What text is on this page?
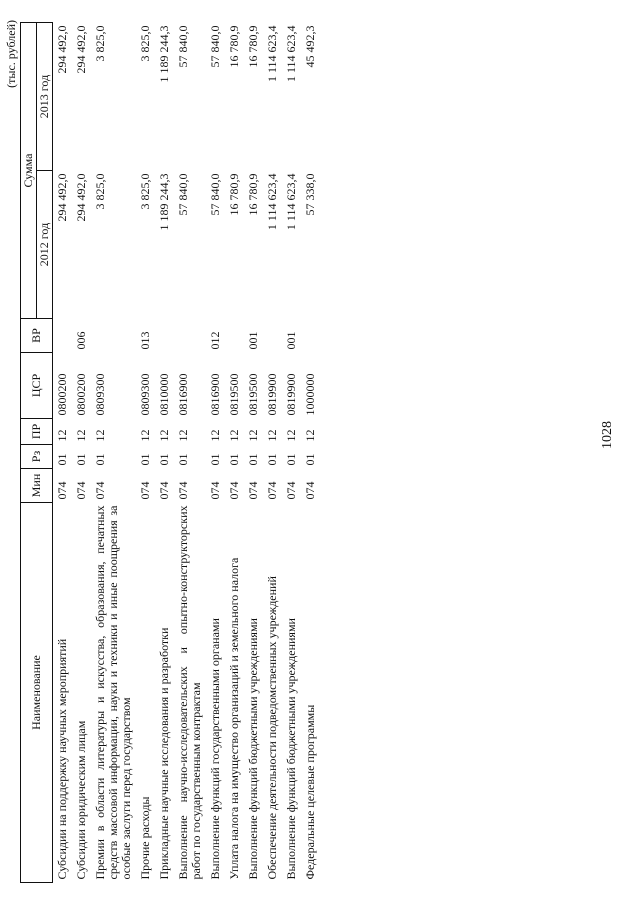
1028
(тыс. рублей)
Наименование	Мин	Рз	ПР	ЦСР	ВР	Сумма	
						2012 год	2013 год
Субсидии на поддержку научных мероприятий	074	01	12	0800200		294 492,0	294 492,0
Субсидии юридическим лицам	074	01	12	0800200	006	294 492,0	294 492,0
Премии в области литературы и искусства, образования, печатных средств массовой информации, науки и техники и иные поощрения за особые заслуги перед государством	074	01	12	0809300		3 825,0	3 825,0
Прочие расходы	074	01	12	0809300	013	3 825,0	3 825,0
Прикладные научные исследования и разработки	074	01	12	0810000		1 189 244,3	1 189 244,3
Выполнение научно-исследовательских и опытно-конструкторских работ по государственным контрактам	074	01	12	0816900		57 840,0	57 840,0
Выполнение функций государственными органами	074	01	12	0816900	012	57 840,0	57 840,0
Уплата налога на имущество организаций и земельного налога	074	01	12	0819500		16 780,9	16 780,9
Выполнение функций бюджетными учреждениями	074	01	12	0819500	001	16 780,9	16 780,9
Обеспечение деятельности подведомственных учреждений	074	01	12	0819900		1 114 623,4	1 114 623,4
Выполнение функций бюджетными учреждениями	074	01	12	0819900	001	1 114 623,4	1 114 623,4
Федеральные целевые программы	074	01	12	1000000		57 338,0	45 492,3
